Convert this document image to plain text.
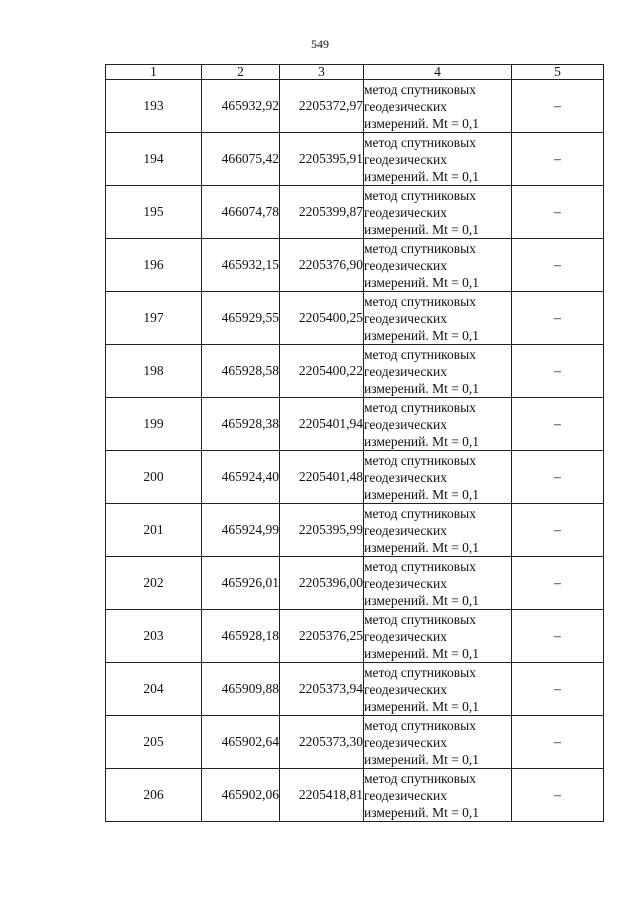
549
1	2	3	4	5
193	465932,92	2205372,97	метод спутниковых
геодезических
измерений. Mt = 0,1	–
194	466075,42	2205395,91	метод спутниковых
геодезических
измерений. Mt = 0,1	–
195	466074,78	2205399,87	метод спутниковых
геодезических
измерений. Mt = 0,1	–
196	465932,15	2205376,90	метод спутниковых
геодезических
измерений. Mt = 0,1	–
197	465929,55	2205400,25	метод спутниковых
геодезических
измерений. Mt = 0,1	–
198	465928,58	2205400,22	метод спутниковых
геодезических
измерений. Mt = 0,1	–
199	465928,38	2205401,94	метод спутниковых
геодезических
измерений. Mt = 0,1	–
200	465924,40	2205401,48	метод спутниковых
геодезических
измерений. Mt = 0,1	–
201	465924,99	2205395,99	метод спутниковых
геодезических
измерений. Mt = 0,1	–
202	465926,01	2205396,00	метод спутниковых
геодезических
измерений. Mt = 0,1	–
203	465928,18	2205376,25	метод спутниковых
геодезических
измерений. Mt = 0,1	–
204	465909,88	2205373,94	метод спутниковых
геодезических
измерений. Mt = 0,1	–
205	465902,64	2205373,30	метод спутниковых
геодезических
измерений. Mt = 0,1	–
206	465902,06	2205418,81	метод спутниковых
геодезических
измерений. Mt = 0,1	–
